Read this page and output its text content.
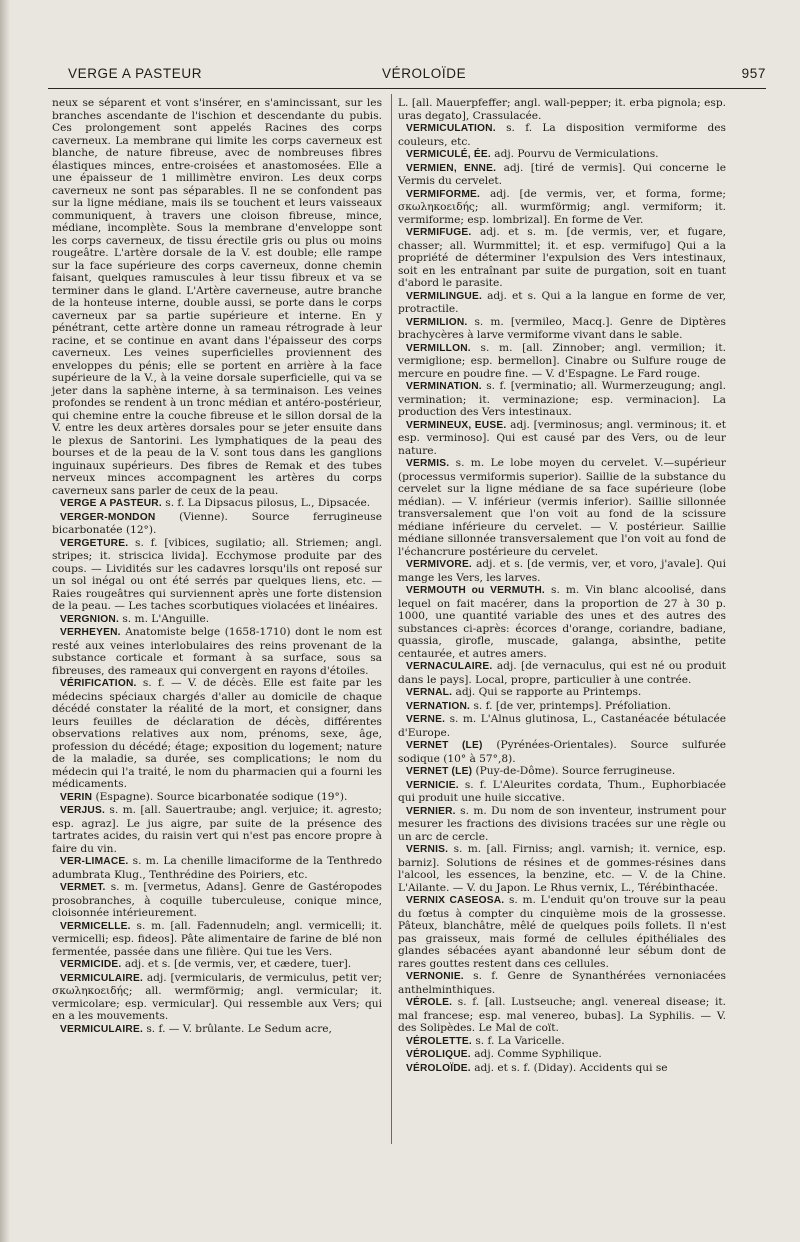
VERGE A PASTEUR	VÉROLOÏDE	957

neux se séparent et vont s'insérer, en s'amincissant, sur les branches ascendante de l'ischion et descendante du pubis. Ces prolongement sont appelés Racines des corps caverneux. La membrane qui limite les corps caverneux est blanche, de nature fibreuse, avec de nombreuses fibres élastiques minces, entre-croisées et anastomosées. Elle a une épaisseur de 1 millimètre environ. Les deux corps caverneux ne sont pas séparables. Il ne se confondent pas sur la ligne médiane, mais ils se touchent et leurs vaisseaux communiquent, à travers une cloison fibreuse, mince, médiane, incomplète. Sous la membrane d'enveloppe sont les corps caverneux, de tissu érectile gris ou plus ou moins rougeâtre. L'artère dorsale de la V. est double; elle rampe sur la face supérieure des corps caverneux, donne chemin faisant, quelques ramuscules à leur tissu fibreux et va se terminer dans le gland. L'Artère caverneuse, autre branche de la honteuse interne, double aussi, se porte dans le corps caverneux par sa partie supérieure et interne. En y pénétrant, cette artère donne un rameau rétrograde à leur racine, et se continue en avant dans l'épaisseur des corps caverneux. Les veines superficielles proviennent des enveloppes du pénis; elle se portent en arrière à la face supérieure de la V., à la veine dorsale superficielle, qui va se jeter dans la saphène interne, à sa terminaison. Les veines profondes se rendent à un tronc médian et antéro-postérieur, qui chemine entre la couche fibreuse et le sillon dorsal de la V. entre les deux artères dorsales pour se jeter ensuite dans le plexus de Santorini. Les lymphatiques de la peau des bourses et de la peau de la V. sont tous dans les ganglions inguinaux supérieurs. Des fibres de Remak et des tubes nerveux minces accompagnent les artères du corps caverneux sans parler de ceux de la peau.

VERGE A PASTEUR. s. f. La Dipsacus pilosus, L., Dipsacée.

VERGER-MONDON (Vienne). Source ferrugineuse bicarbonatée (12°).

VERGETURE. s. f. [vibices, sugilatio; all. Striemen; angl. stripes; it. striscica livida]. Ecchymose produite par des coups. — Lividités sur les cadavres lorsqu'ils ont reposé sur un sol inégal ou ont été serrés par quelques liens, etc. — Raies rougeâtres qui surviennent après une forte distension de la peau. — Les taches scorbutiques violacées et linéaires.

VERGNION. s. m. L'Anguille.

VERHEYEN. Anatomiste belge (1658-1710) dont le nom est resté aux veines interlobulaires des reins provenant de la substance corticale et formant à sa surface, sous sa fibreuses, des rameaux qui convergent en rayons d'étoiles.

VÉRIFICATION. s. f. — V. de décès. Elle est faite par les médecins spéciaux chargés d'aller au domicile de chaque décédé constater la réalité de la mort, et consigner, dans leurs feuilles de déclaration de décès, différentes observations relatives aux nom, prénoms, sexe, âge, profession du décédé; étage; exposition du logement; nature de la maladie, sa durée, ses complications; le nom du médecin qui l'a traité, le nom du pharmacien qui a fourni les médicaments.

VERIN (Espagne). Source bicarbonatée sodique (19°).

VERJUS. s. m. [all. Sauertraube; angl. verjuice; it. agresto; esp. agraz]. Le jus aigre, par suite de la présence des tartrates acides, du raisin vert qui n'est pas encore propre à faire du vin.

VER-LIMACE. s. m. La chenille limaciforme de la Tenthredo adumbrata Klug., Tenthrédine des Poiriers, etc.

VERMET. s. m. [vermetus, Adans]. Genre de Gastéropodes prosobranches, à coquille tuberculeuse, conique mince, cloisonnée intérieurement.

VERMICELLE. s. m. [all. Fadennudeln; angl. vermicelli; it. vermicelli; esp. fideos]. Pâte alimentaire de farine de blé non fermentée, passée dans une filière. Qui tue les Vers.

VERMICIDE. adj. et s. [de vermis, ver, et cædere, tuer].

VERMICULAIRE. adj. [vermicularis, de vermiculus, petit ver; σκωληκοειδής; all. wermförmig; angl. vermicular; it. vermicolare; esp. vermicular]. Qui ressemble aux Vers; qui en a les mouvements.

VERMICULAIRE. s. f. — V. brûlante. Le Sedum acre,

L. [all. Mauerpfeffer; angl. wall-pepper; it. erba pignola; esp. uras degato], Crassulacée.

VERMICULATION. s. f. La disposition vermiforme des couleurs, etc.

VERMICULÉ, ÉE. adj. Pourvu de Vermiculations.

VERMIEN, ENNE. adj. [tiré de vermis]. Qui concerne le Vermis du cervelet.

VERMIFORME. adj. [de vermis, ver, et forma, forme; σκωληκοειδής; all. wurmförmig; angl. vermiform; it. vermiforme; esp. lombrizal]. En forme de Ver.

VERMIFUGE. adj. et s. m. [de vermis, ver, et fugare, chasser; all. Wurmmittel; it. et esp. vermifugo] Qui a la propriété de déterminer l'expulsion des Vers intestinaux, soit en les entraînant par suite de purgation, soit en tuant d'abord le parasite.

VERMILINGUE. adj. et s. Qui a la langue en forme de ver, protractile.

VERMILION. s. m. [vermileo, Macq.]. Genre de Diptères brachycères à larve vermiforme vivant dans le sable.

VERMILLON. s. m. [all. Zinnober; angl. vermilion; it. vermiglione; esp. bermellon]. Cinabre ou Sulfure rouge de mercure en poudre fine. — V. d'Espagne. Le Fard rouge.

VERMINATION. s. f. [verminatio; all. Wurmerzeugung; angl. vermination; it. verminazione; esp. verminacion]. La production des Vers intestinaux.

VERMINEUX, EUSE. adj. [verminosus; angl. verminous; it. et esp. verminoso]. Qui est causé par des Vers, ou de leur nature.

VERMIS. s. m. Le lobe moyen du cervelet. V.—supérieur (processus vermiformis superior). Saillie de la substance du cervelet sur la ligne médiane de sa face supérieure (lobe médian). — V. inférieur (vermis inferior). Saillie sillonnée transversalement que l'on voit au fond de la scissure médiane inférieure du cervelet. — V. postérieur. Saillie médiane sillonnée transversalement que l'on voit au fond de l'échancrure postérieure du cervelet.

VERMIVORE. adj. et s. [de vermis, ver, et voro, j'avale]. Qui mange les Vers, les larves.

VERMOUTH ou VERMUTH. s. m. Vin blanc alcoolisé, dans lequel on fait macérer, dans la proportion de 27 à 30 p. 1000, une quantité variable des unes et des autres des substances ci-après: écorces d'orange, coriandre, badiane, quassia, girofle, muscade, galanga, absinthe, petite centaurée, et autres amers.

VERNACULAIRE. adj. [de vernaculus, qui est né ou produit dans le pays]. Local, propre, particulier à une contrée.

VERNAL. adj. Qui se rapporte au Printemps.

VERNATION. s. f. [de ver, printemps]. Préfoliation.

VERNE. s. m. L'Alnus glutinosa, L., Castanéacée bétulacée d'Europe.

VERNET (LE) (Pyrénées-Orientales). Source sulfurée sodique (10° à 57°,8).

VERNET (LE) (Puy-de-Dôme). Source ferrugineuse.

VERNICIE. s. f. L'Aleurites cordata, Thum., Euphorbiacée qui produit une huile siccative.

VERNIER. s. m. Du nom de son inventeur, instrument pour mesurer les fractions des divisions tracées sur une règle ou un arc de cercle.

VERNIS. s. m. [all. Firniss; angl. varnish; it. vernice, esp. barniz]. Solutions de résines et de gommes-résines dans l'alcool, les essences, la benzine, etc. — V. de la Chine. L'Ailante. — V. du Japon. Le Rhus vernix, L., Térébinthacée.

VERNIX CASEOSA. s. m. L'enduit qu'on trouve sur la peau du fœtus à compter du cinquième mois de la grossesse. Pâteux, blanchâtre, mêlé de quelques poils follets. Il n'est pas graisseux, mais formé de cellules épithéliales des glandes sébacées ayant abandonné leur sébum dont de rares gouttes restent dans ces cellules.

VERNONIE. s. f. Genre de Synanthérées vernoniacées anthelminthiques.

VÉROLE. s. f. [all. Lustseuche; angl. venereal disease; it. mal francese; esp. mal venereo, bubas]. La Syphilis. — V. des Solipèdes. Le Mal de coït.

VÉROLETTE. s. f. La Varicelle.

VÉROLIQUE. adj. Comme Syphilique.

VÉROLOÏDE. adj. et s. f. (Diday). Accidents qui se
